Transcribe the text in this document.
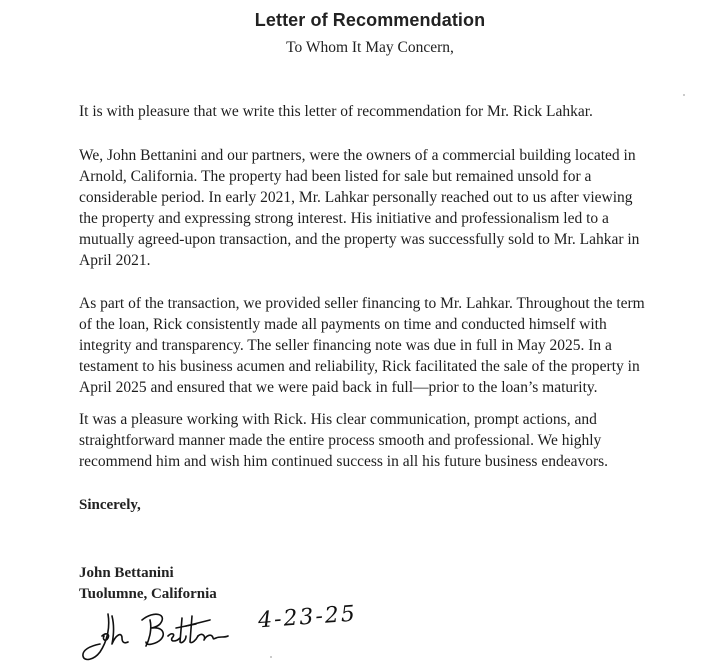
Letter of Recommendation
To Whom It May Concern,

It is with pleasure that we write this letter of recommendation for Mr. Rick Lahkar.

We, John Bettanini and our partners, were the owners of a commercial building located in

Arnold, California. The property had been listed for sale but remained unsold for a

considerable period. In early 2021, Mr. Lahkar personally reached out to us after viewing

the property and expressing strong interest. His initiative and professionalism led to a

mutually agreed-upon transaction, and the property was successfully sold to Mr. Lahkar in

April 2021.

As part of the transaction, we provided seller financing to Mr. Lahkar. Throughout the term

of the loan, Rick consistently made all payments on time and conducted himself with

integrity and transparency. The seller financing note was due in full in May 2025. In a

testament to his business acumen and reliability, Rick facilitated the sale of the property in

April 2025 and ensured that we were paid back in full—prior to the loan’s maturity.

It was a pleasure working with Rick. His clear communication, prompt actions, and

straightforward manner made the entire process smooth and professional. We highly

recommend him and wish him continued success in all his future business endeavors.

Sincerely,
John Bettanini
Tuolumne, California
4-23-25
